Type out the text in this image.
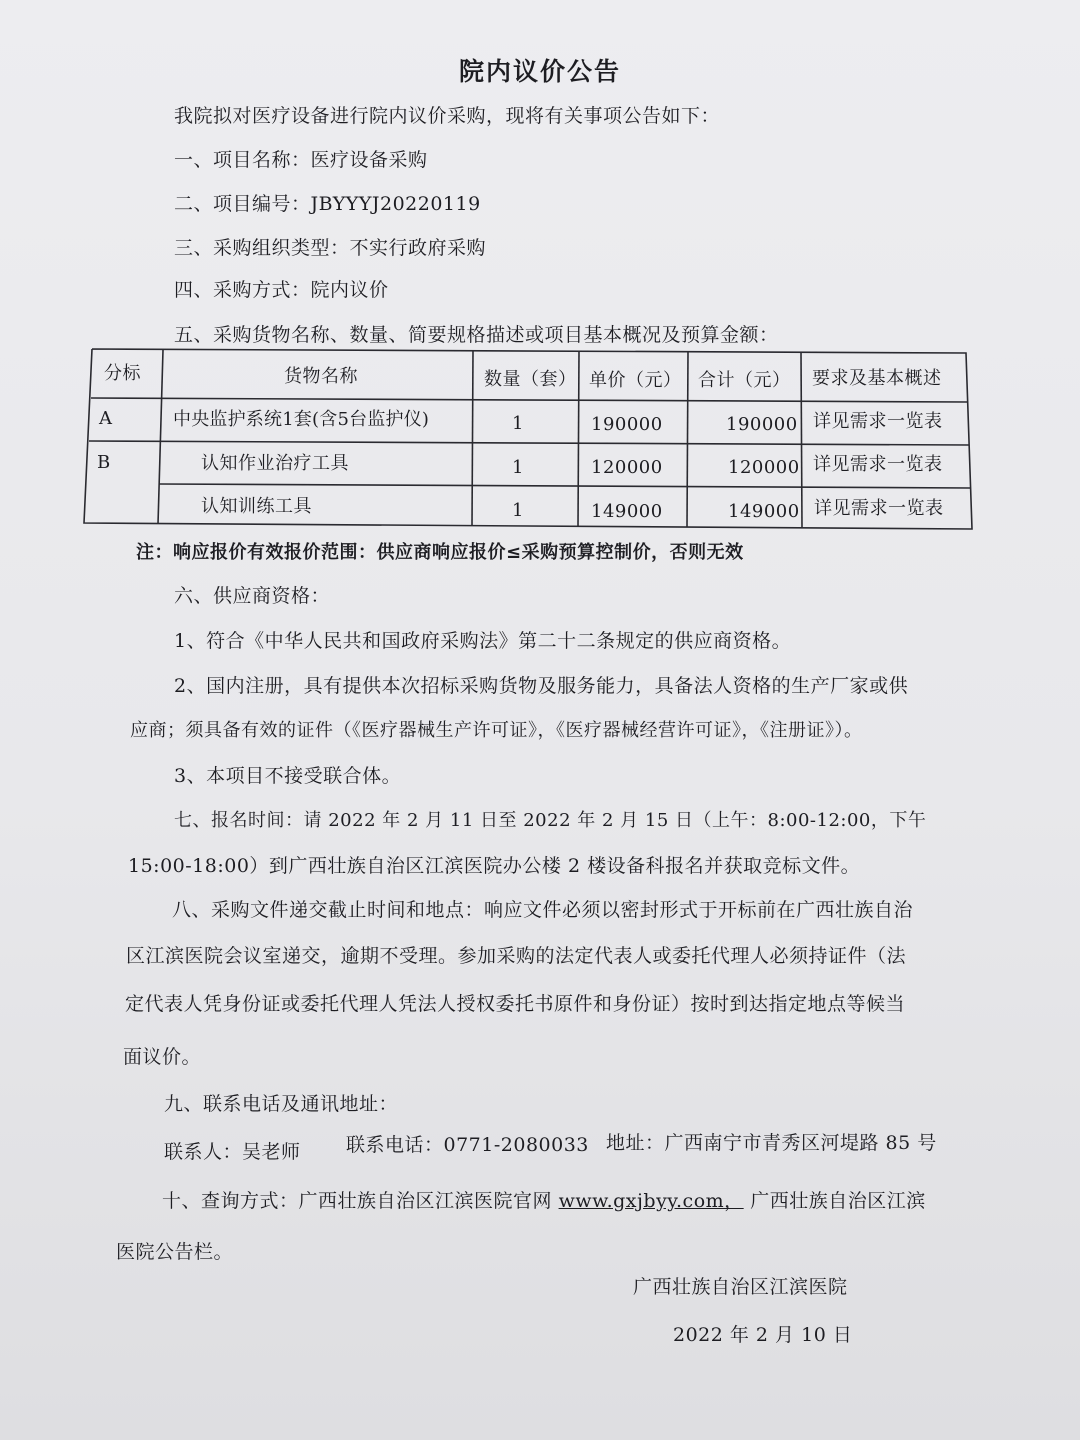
院内议价公告
我院拟对医疗设备进行院内议价采购，现将有关事项公告如下：
一、项目名称：医疗设备采购
二、项目编号：JBYYYJ20220119
三、采购组织类型：不实行政府采购
四、采购方式：院内议价
五、采购货物名称、数量、简要规格描述或项目基本概况及预算金额：
分标	货物名称	数量（套） 单价（元） 合计（元） 要求及基本概述
A	中央监护系统1套(含5台监护仪)	1	190000	190000 详见需求一览表
B	认知作业治疗工具	1	120000	120000 详见需求一览表
认知训练工具	1	149000	149000 详见需求一览表
注：响应报价有效报价范围：供应商响应报价≤采购预算控制价，否则无效
六、供应商资格：
1、符合《中华人民共和国政府采购法》第二十二条规定的供应商资格。
2、国内注册，具有提供本次招标采购货物及服务能力，具备法人资格的生产厂家或供
应商；须具备有效的证件（《医疗器械生产许可证》，《医疗器械经营许可证》，《注册证》）。
3、本项目不接受联合体。
七、报名时间：请 2022 年 2 月 11 日至 2022 年 2 月 15 日（上午：8:00-12:00，下午
15:00-18:00）到广西壮族自治区江滨医院办公楼 2 楼设备科报名并获取竞标文件。
八、采购文件递交截止时间和地点：响应文件必须以密封形式于开标前在广西壮族自治
区江滨医院会议室递交，逾期不受理。参加采购的法定代表人或委托代理人必须持证件（法
定代表人凭身份证或委托代理人凭法人授权委托书原件和身份证）按时到达指定地点等候当
面议价。
九、联系电话及通讯地址：
联系人：吴老师 联系电话：0771-2080033 地址：广西南宁市青秀区河堤路 85 号
十、查询方式：广西壮族自治区江滨医院官网 www.gxjbyy.com， 广西壮族自治区江滨
医院公告栏。
广西壮族自治区江滨医院
2022 年 2 月 10 日
